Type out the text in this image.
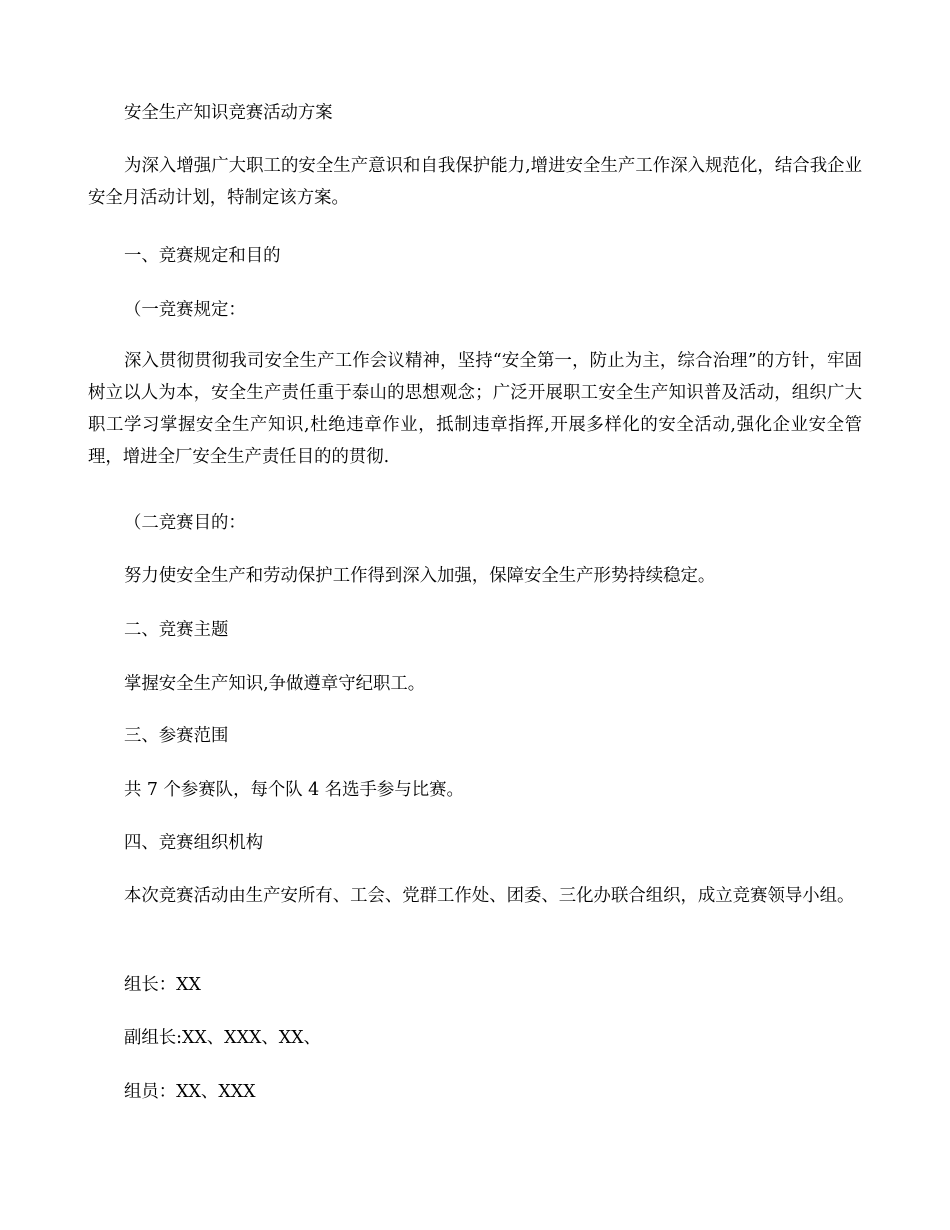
安全生产知识竞赛活动方案

为深入增强广大职工的安全生产意识和自我保护能力,增进安全生产工作深入规范化，结合我企业安全月活动计划，特制定该方案。

一、竞赛规定和目的

（一竞赛规定：

深入贯彻贯彻我司安全生产工作会议精神，坚持“安全第一，防止为主，综合治理”的方针，牢固树立以人为本，安全生产责任重于泰山的思想观念；广泛开展职工安全生产知识普及活动，组织广大职工学习掌握安全生产知识,杜绝违章作业，抵制违章指挥,开展多样化的安全活动,强化企业安全管理，增进全厂安全生产责任目的的贯彻.

（二竞赛目的：

努力使安全生产和劳动保护工作得到深入加强，保障安全生产形势持续稳定。

二、竞赛主题

掌握安全生产知识,争做遵章守纪职工。

三、参赛范围

共 7 个参赛队，每个队 4 名选手参与比赛。

四、竞赛组织机构

本次竞赛活动由生产安所有、工会、党群工作处、团委、三化办联合组织，成立竞赛领导小组。

组长：XX

副组长:XX、XXX、XX、

组员：XX、XXX
